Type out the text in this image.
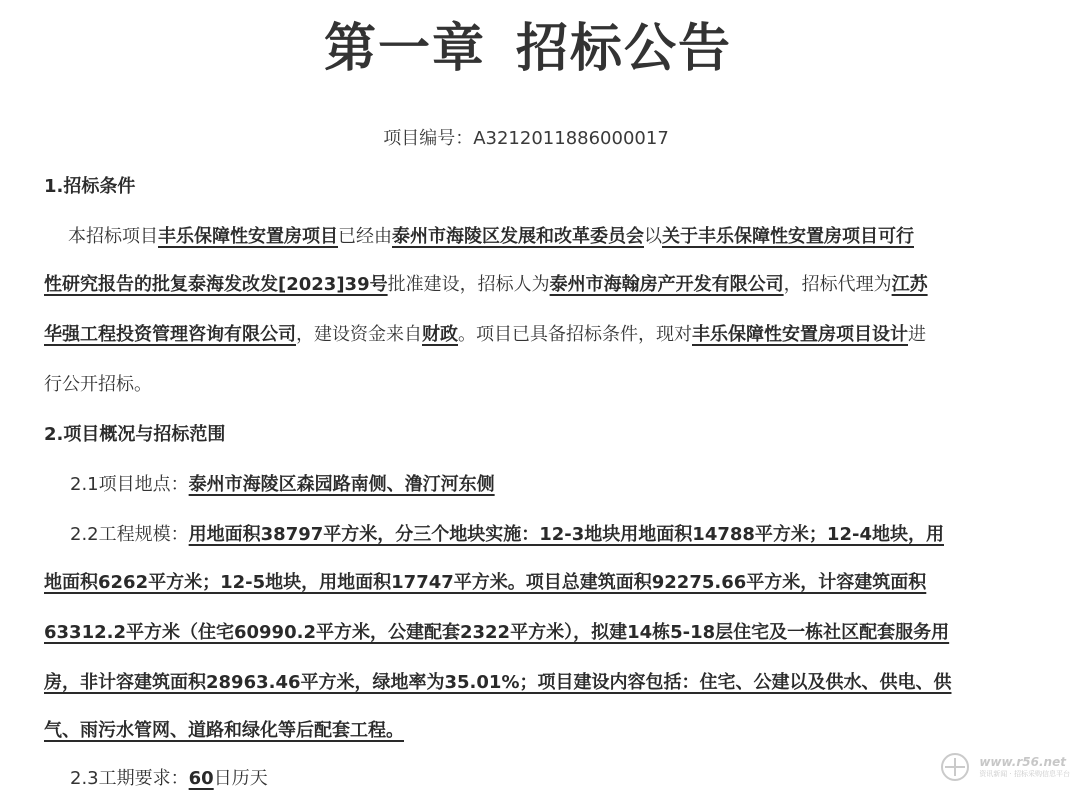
第一章 招标公告
项目编号：A3212011886000017
1.招标条件
本招标项目丰乐保障性安置房项目已经由泰州市海陵区发展和改革委员会以关于丰乐保障性安置房项目可行
性研究报告的批复泰海发改发[2023]39号批准建设，招标人为泰州市海翰房产开发有限公司，招标代理为江苏
华强工程投资管理咨询有限公司，建设资金来自财政。项目已具备招标条件，现对丰乐保障性安置房项目设计进
行公开招标。
2.项目概况与招标范围
2.1项目地点：泰州市海陵区森园路南侧、澛汀河东侧
2.2工程规模：用地面积38797平方米，分三个地块实施：12-3地块用地面积14788平方米；12-4地块，用
地面积6262平方米；12-5地块，用地面积17747平方米。项目总建筑面积92275.66平方米，计容建筑面积
63312.2平方米（住宅60990.2平方米，公建配套2322平方米），拟建14栋5-18层住宅及一栋社区配套服务用
房，非计容建筑面积28963.46平方米，绿地率为35.01%；项目建设内容包括：住宅、公建以及供水、供电、供
气、雨污水管网、道路和绿化等后配套工程。
2.3工期要求：60日历天
www.r56.net
资讯新闻 · 招标采购信息平台
